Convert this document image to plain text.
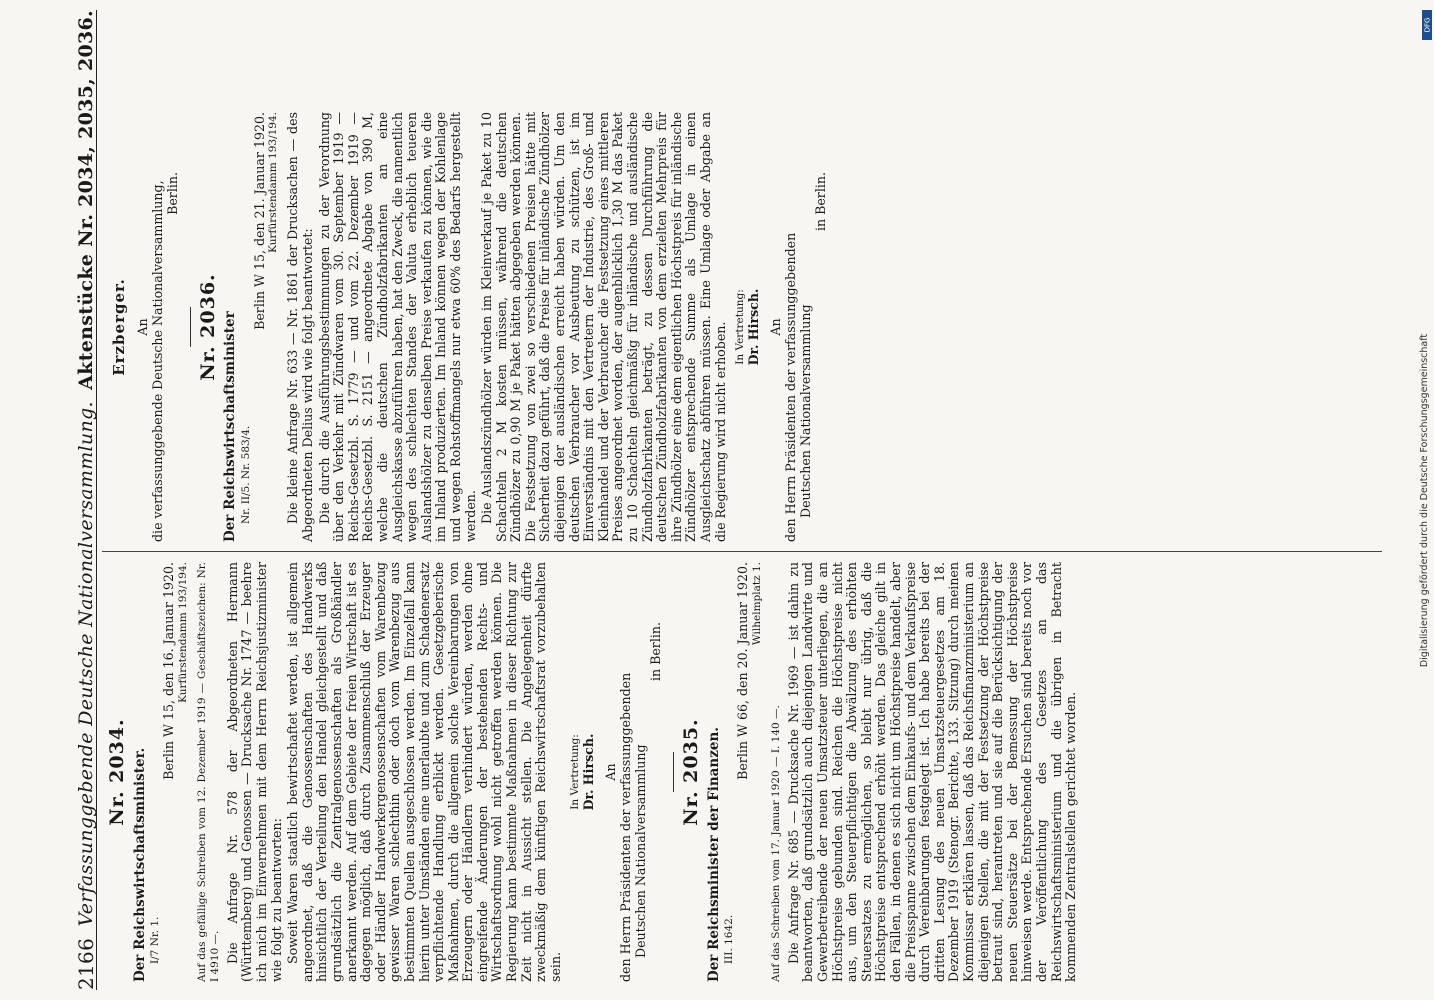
Digitalisierung gefördert durch die Deutsche Forschungsgemeinschaft
DFG
2166
Verfassunggebende Deutsche Nationalversammlung.
Aktenstücke Nr. 2034, 2035, 2036.
Nr. 2034. Der Reichswirtschaftsminister. I/7 Nr. 1.
Berlin W 15, den 16. Januar 1920. Kurfürstendamm 193/194. Auf das gefällige Schreiben vom 12. Dezember 1919 — Geschäftszeichen: Nr. I 4910 —. Die Anfrage Nr. 578 der Abgeordneten Hermann (Württemberg) und Genossen — Drucksache Nr. 1747 — beehre ich mich im Einvernehmen mit dem Herrn Reichsjustizminister wie folgt zu beantworten: Soweit Waren staatlich bewirtschaftet werden, ist allgemein angeordnet, daß die Genossenschaften des Handwerks hinsichtlich der Verteilung den Handel gleichgestellt und daß grundsätzlich die Zentralgenossenschaften als Großhändler anerkannt werden. Auf dem Gebiete der freien Wirtschaft ist es dagegen möglich, daß durch Zusammenschluß der Erzeuger oder Händler Handwerkergenossenschaften vom Warenbezug gewisser Waren schlechthin oder doch vom Warenbezug aus bestimmten Quellen ausgeschlossen werden. Im Einzelfall kann hierin unter Umständen eine unerlaubte und zum Schadenersatz verpflichtende Handlung erblickt werden. Gesetzgeberische Maßnahmen, durch die allgemein solche Vereinbarungen von Erzeugern oder Händlern verhindert würden, werden ohne eingreifende Änderungen der bestehenden Rechts- und Wirtschaftsordnung wohl nicht getroffen werden können. Die Regierung kann bestimmte Maßnahmen in dieser Richtung zur Zeit nicht in Aussicht stellen. Die Angelegenheit dürfte zweckmäßig dem künftigen Reichswirtschaftsrat vorzubehalten sein.

In Vertretung: Dr. Hirsch. An den Herrn Präsidenten der verfassunggebenden Deutschen Nationalversammlung
in Berlin.
Nr. 2035. Der Reichsminister der Finanzen. III. 1642.
Berlin W 66, den 20. Januar 1920. Wilhelmplatz 1.
Auf das Schreiben vom 17. Januar 1920 — I. 140 —. Die Anfrage Nr. 685 — Drucksache Nr. 1969 — ist dahin zu beantworten, daß grundsätzlich auch diejenigen Landwirte und Gewerbetreibende der neuen Umsatzsteuer unterliegen, die an Höchstpreise gebunden sind. Reichen die Höchstpreise nicht aus, um den Steuerpflichtigen die Abwälzung des erhöhten Steuersatzes zu ermöglichen, so bleibt nur übrig, daß die Höchstpreise entsprechend erhöht werden. Das gleiche gilt in den Fällen, in denen es sich nicht um Höchstpreise handelt, aber die Preisspanne zwischen dem Einkaufs- und dem Verkaufspreise durch Vereinbarungen festgelegt ist. Ich habe bereits bei der dritten Lesung des neuen Umsatzsteuergesetzes am 18. Dezember 1919 (Stenogr. Berichte, 133. Sitzung) durch meinen Kommissar erklären lassen, daß das Reichsfinanzministerium an diejenigen Stellen, die mit der Festsetzung der Höchstpreise betraut sind, herantreten und sie auf die Berücksichtigung der neuen Steuersätze bei der Bemessung der Höchstpreise hinweisen werde. Entsprechende Ersuchen sind bereits noch vor der Veröffentlichung des Gesetzes an das Reichswirtschaftsministerium und die übrigen in Betracht kommenden Zentralstellen gerichtet worden.

Erzberger. An die verfassunggebende Deutsche Nationalversammlung, Berlin.
Nr. 2036. Der Reichswirtschaftsminister Nr. II/5. Nr. 583/4.
Berlin W 15, den 21. Januar 1920. Kurfürstendamm 193/194. Die kleine Anfrage Nr. 633 — Nr. 1861 der Drucksachen — des Abgeordneten Delius wird wie folgt beantwortet: Die durch die Ausführungsbestimmungen zu der Verordnung über den Verkehr mit Zündwaren vom 30. September 1919 — Reichs-Gesetzbl. S. 1779 — und vom 22. Dezember 1919 — Reichs-Gesetzbl. S. 2151 — angeordnete Abgabe von 390 M, welche die deutschen Zündholzfabrikanten an eine Ausgleichskasse abzuführen haben, hat den Zweck, die namentlich wegen des schlechten Standes der Valuta erheblich teueren Auslandshölzer zu denselben Preise verkaufen zu können, wie die im Inland produzierten. Im Inland können wegen der Kohlenlage und wegen Rohstoffmangels nur etwa 60% des Bedarfs hergestellt werden. Die Auslandszündhölzer würden im Kleinverkauf je Paket zu 10 Schachteln 2 M kosten müssen, während die deutschen Zündhölzer zu 0,90 M je Paket hätten abgegeben werden können. Die Festsetzung von zwei so verschiedenen Preisen hätte mit Sicherheit dazu geführt, daß die Preise für inländische Zündhölzer diejenigen der ausländischen erreicht haben würden. Um den deutschen Verbraucher vor Ausbeutung zu schützen, ist im Einverständnis mit den Vertretern der Industrie, des Groß- und Kleinhandel und der Verbraucher die Festsetzung eines mittleren Preises angeordnet worden, der augenblicklich 1,30 M das Paket zu 10 Schachteln gleichmäßig für inländische und ausländische Zündholzfabrikanten beträgt, zu dessen Durchführung die deutschen Zündholzfabrikanten von dem erzielten Mehrpreis für ihre Zündhölzer eine dem eigentlichen Höchstpreis für inländische Zündhölzer entsprechende Summe als Umlage in einen Ausgleichschatz abführen müssen. Eine Umlage oder Abgabe an die Regierung wird nicht erhoben. In Vertretung: Dr. Hirsch. An den Herrn Präsidenten der verfassunggebenden Deutschen Nationalversammlung
in Berlin.
